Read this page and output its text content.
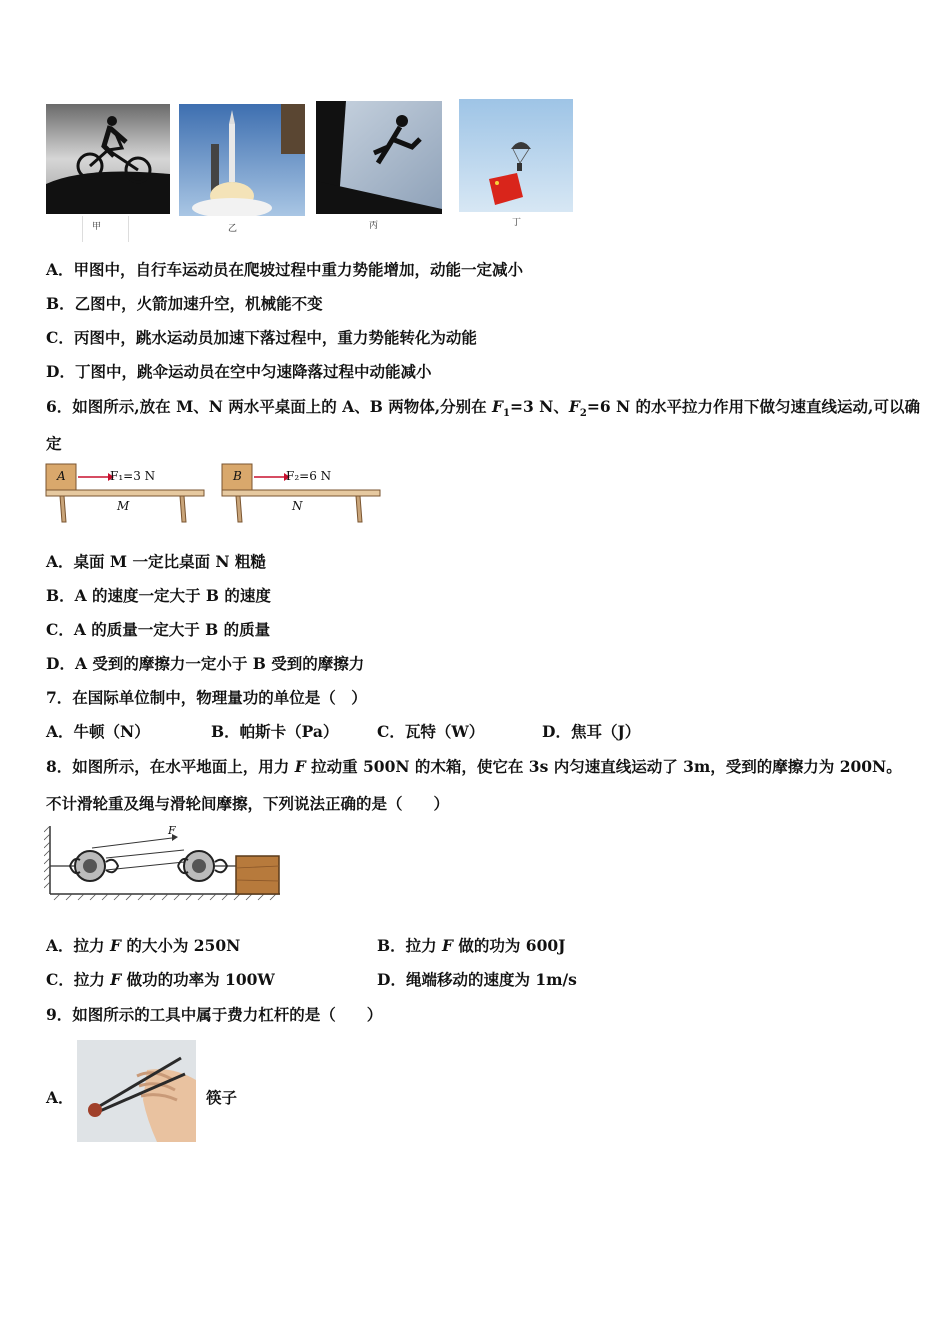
甲	乙	丙	丁
A．甲图中，自行车运动员在爬坡过程中重力势能增加，动能一定减小
B．乙图中，火箭加速升空，机械能不变
C．丙图中，跳水运动员加速下落过程中，重力势能转化为动能
D．丁图中，跳伞运动员在空中匀速降落过程中动能减小
6．如图所示,放在 M、N 两水平桌面上的 A、B 两物体,分别在 $F_1=3$ N、$F_2=6$ N 的水平拉力作用下做匀速直线运动,可以确
定
A	F₁=3 N
M
B	F₂=6 N
N
A．桌面 M 一定比桌面 N 粗糙
B．A 的速度一定大于 B 的速度
C．A 的质量一定大于 B 的质量
D．A 受到的摩擦力一定小于 B 受到的摩擦力
7．在国际单位制中，物理量功的单位是（　）
A．牛顿（N）	B．帕斯卡（Pa） C．瓦特（W）	D．焦耳（J）
8．如图所示，在水平地面上，用力 F 拉动重 500N 的木箱，使它在 3s 内匀速直线运动了 3m，受到的摩擦力为 200N。
不计滑轮重及绳与滑轮间摩擦，下列说法正确的是（　　）
F
A．拉力 F 的大小为 250N	B．拉力 F 做的功为 600J
C．拉力 F 做功的功率为 100W	D．绳端移动的速度为 1m/s
9．如图所示的工具中属于费力杠杆的是（　　）
A．	筷子
